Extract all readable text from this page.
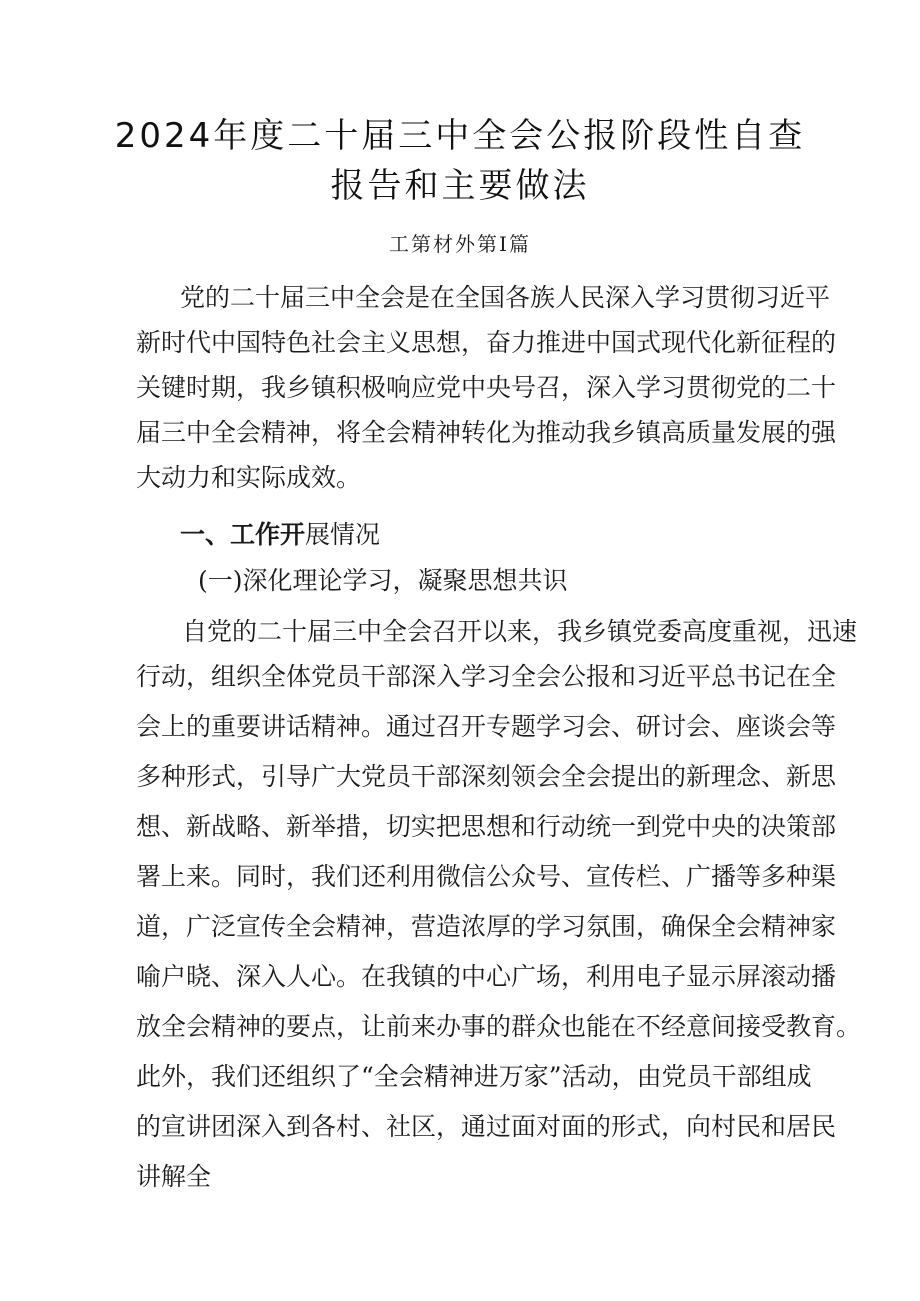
2024年度二十届三中全会公报阶段性自查
报告和主要做法
工第材外第Ⅰ篇
党的二十届三中全会是在全国各族人民深入学习贯彻习近平
新时代中国特色社会主义思想，奋力推进中国式现代化新征程的
关键时期，我乡镇积极响应党中央号召，深入学习贯彻党的二十
届三中全会精神，将全会精神转化为推动我乡镇高质量发展的强
大动力和实际成效。
一、工作开展情况
(一)深化理论学习，凝聚思想共识
自党的二十届三中全会召开以来，我乡镇党委高度重视，迅速
行动，组织全体党员干部深入学习全会公报和习近平总书记在全
会上的重要讲话精神。通过召开专题学习会、研讨会、座谈会等
多种形式，引导广大党员干部深刻领会全会提出的新理念、新思
想、新战略、新举措，切实把思想和行动统一到党中央的决策部
署上来。同时，我们还利用微信公众号、宣传栏、广播等多种渠
道，广泛宣传全会精神，营造浓厚的学习氛围，确保全会精神家
喻户晓、深入人心。在我镇的中心广场，利用电子显示屏滚动播
放全会精神的要点，让前来办事的群众也能在不经意间接受教育。
此外，我们还组织了“全会精神进万家”活动，由党员干部组成
的宣讲团深入到各村、社区，通过面对面的形式，向村民和居民
讲解全
